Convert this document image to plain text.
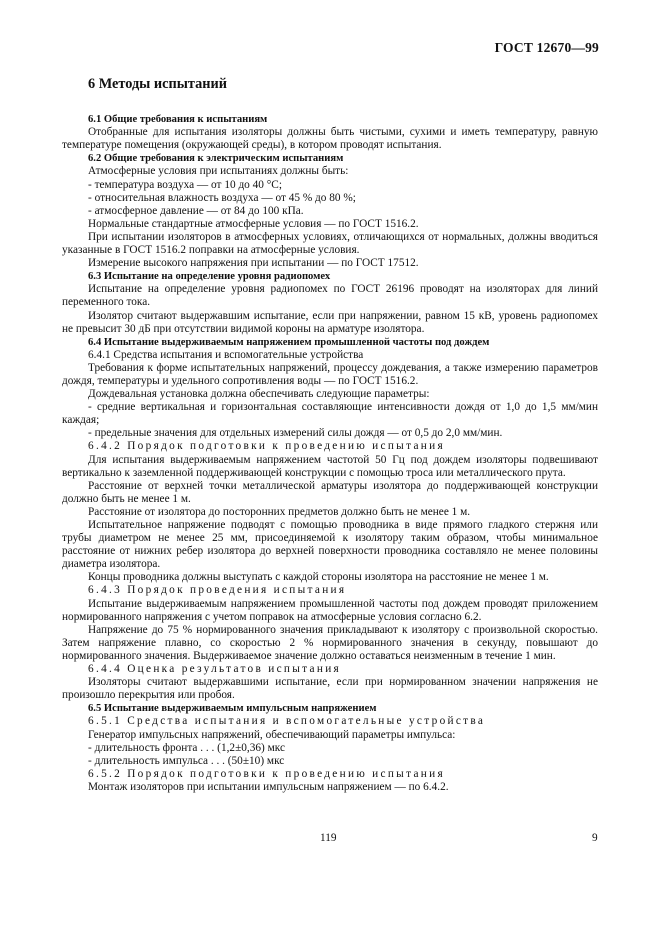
ГОСТ 12670—99

6 Методы испытаний

6.1 Общие требования к испытаниям

Отобранные для испытания изоляторы должны быть чистыми, сухими и иметь температуру, равную температуре помещения (окружающей среды), в котором проводят испытания.

6.2 Общие требования к электрическим испытаниям

Атмосферные условия при испытаниях должны быть:

- температура воздуха — от 10 до 40 °С;

- относительная влажность воздуха — от 45 % до 80 %;

- атмосферное давление — от 84 до 100 кПа.

Нормальные стандартные атмосферные условия — по ГОСТ 1516.2.

При испытании изоляторов в атмосферных условиях, отличающихся от нормальных, должны вводиться указанные в ГОСТ 1516.2 поправки на атмосферные условия.

Измерение высокого напряжения при испытании — по ГОСТ 17512.

6.3 Испытание на определение уровня радиопомех

Испытание на определение уровня радиопомех по ГОСТ 26196 проводят на изоляторах для линий переменного тока.

Изолятор считают выдержавшим испытание, если при напряжении, равном 15 кВ, уровень радиопомех не превысит 30 дБ при отсутствии видимой короны на арматуре изолятора.

6.4 Испытание выдерживаемым напряжением промышленной частоты под дождем

6.4.1 Средства испытания и вспомогательные устройства

Требования к форме испытательных напряжений, процессу дождевания, а также измерению параметров дождя, температуры и удельного сопротивления воды — по ГОСТ 1516.2.

Дождевальная установка должна обеспечивать следующие параметры:

- средние вертикальная и горизонтальная составляющие интенсивности дождя от 1,0 до 1,5 мм/мин каждая;

- предельные значения для отдельных измерений силы дождя — от 0,5 до 2,0 мм/мин.

6.4.2 Порядок подготовки к проведению испытания

Для испытания выдерживаемым напряжением частотой 50 Гц под дождем изоляторы подвешивают вертикально к заземленной поддерживающей конструкции с помощью троса или металлического прута.

Расстояние от верхней точки металлической арматуры изолятора до поддерживающей конструкции должно быть не менее 1 м.

Расстояние от изолятора до посторонних предметов должно быть не менее 1 м.

Испытательное напряжение подводят с помощью проводника в виде прямого гладкого стержня или трубы диаметром не менее 25 мм, присоединяемой к изолятору таким образом, чтобы минимальное расстояние от нижних ребер изолятора до верхней поверхности проводника составляло не менее половины диаметра изолятора.

Концы проводника должны выступать с каждой стороны изолятора на расстояние не менее 1 м.

6.4.3 Порядок проведения испытания

Испытание выдерживаемым напряжением промышленной частоты под дождем проводят приложением нормированного напряжения с учетом поправок на атмосферные условия согласно 6.2.

Напряжение до 75 % нормированного значения прикладывают к изолятору с произвольной скоростью. Затем напряжение плавно, со скоростью 2 % нормированного значения в секунду, повышают до нормированного значения. Выдерживаемое значение должно оставаться неизменным в течение 1 мин.

6.4.4 Оценка результатов испытания

Изоляторы считают выдержавшими испытание, если при нормированном значении напряжения не произошло перекрытия или пробоя.

6.5 Испытание выдерживаемым импульсным напряжением

6.5.1 Средства испытания и вспомогательные устройства

Генератор импульсных напряжений, обеспечивающий параметры импульса:

- длительность фронта . . . (1,2±0,36) мкс

- длительность импульса . . . (50±10) мкс

6.5.2 Порядок подготовки к проведению испытания

Монтаж изоляторов при испытании импульсным напряжением — по 6.4.2.

119	9
